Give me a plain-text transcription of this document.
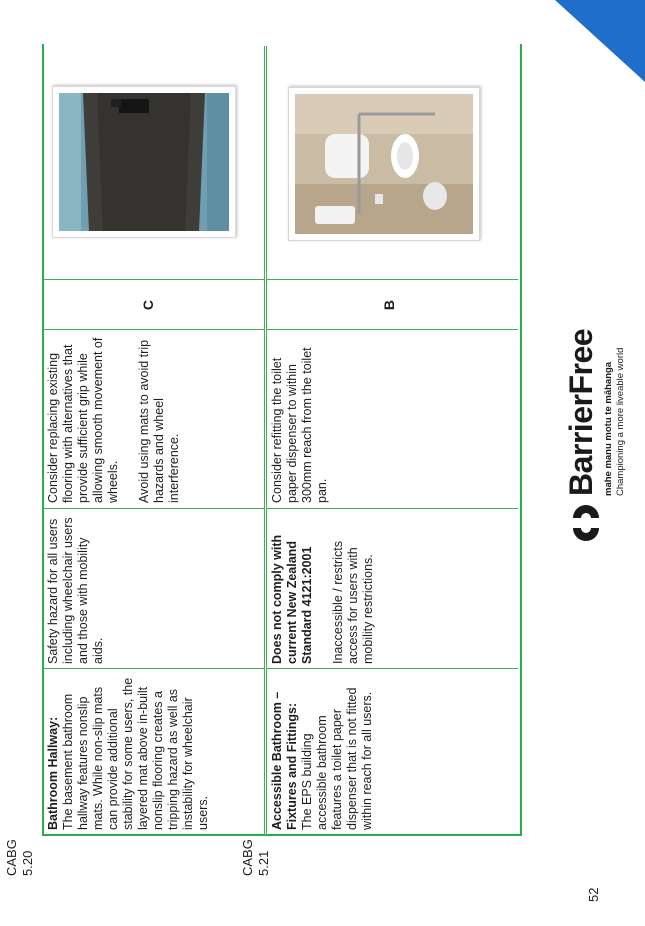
CABG 5.20	CABG 5.21
Bathroom Hallway: The basement bathroom hallway features nonslip mats. While non-slip mats can provide additional stability for some users, the layered mat above in-built nonslip flooring creates a tripping hazard as well as instability for wheelchair users.
Safety hazard for all users including wheelchair users and those with mobility aids.
Consider replacing existing flooring with alternatives that provide sufficient grip while allowing smooth movement of wheels. Avoid using mats to avoid trip hazards and wheel interference.
C
Accessible Bathroom – Fixtures and Fittings: The EPS building accessible bathroom features a toilet paper dispenser that is not fitted within reach for all users.
Does not comply with current New Zealand Standard 4121:2001 Inaccessible / restricts access for users with mobility restrictions.
Consider refitting the toilet paper dispenser to within 300mm reach from the toilet pan.
B
52
BarrierFree mahe manu motu te māhanga Championing a more liveable world
